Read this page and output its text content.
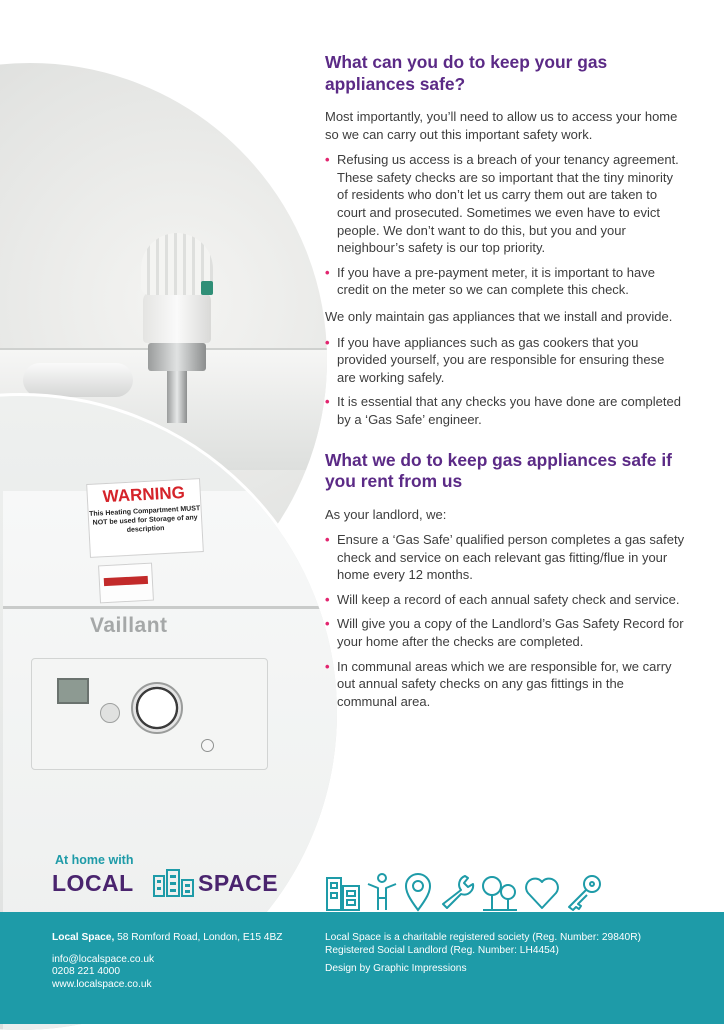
WARNING
This Heating Compartment MUST NOT be used for Storage of any description
Vaillant
What can you do to keep your gas appliances safe?

Most importantly, you’ll need to allow us to access your home so we can carry out this important safety work.

• Refusing us access is a breach of your tenancy agreement. These safety checks are so important that the tiny minority of residents who don’t let us carry them out are taken to court and prosecuted. Sometimes we even have to evict people. We don’t want to do this, but you and your neighbour’s safety is our top priority.
• If you have a pre-payment meter, it is important to have credit on the meter so we can complete this check.

We only maintain gas appliances that we install and provide.

• If you have appliances such as gas cookers that you provided yourself, you are responsible for ensuring these are working safely.
• It is essential that any checks you have done are completed by a ‘Gas Safe’ engineer.
What we do to keep gas appliances safe if you rent from us

As your landlord, we:

• Ensure a ‘Gas Safe’ qualified person completes a gas safety check and service on each relevant gas fitting/flue in your home every 12 months.
• Will keep a record of each annual safety check and service.
• Will give you a copy of the Landlord’s Gas Safety Record for your home after the checks are completed.
• In communal areas which we are responsible for, we carry out annual safety checks on any gas fittings in the communal area.
At home with
LOCAL	SPACE
Local Space, 58 Romford Road, London, E15 4BZ
info@localspace.co.uk
0208 221 4000
www.localspace.co.uk
Local Space is a charitable registered society (Reg. Number: 29840R)
Registered Social Landlord (Reg. Number: LH4454)
Design by Graphic Impressions
